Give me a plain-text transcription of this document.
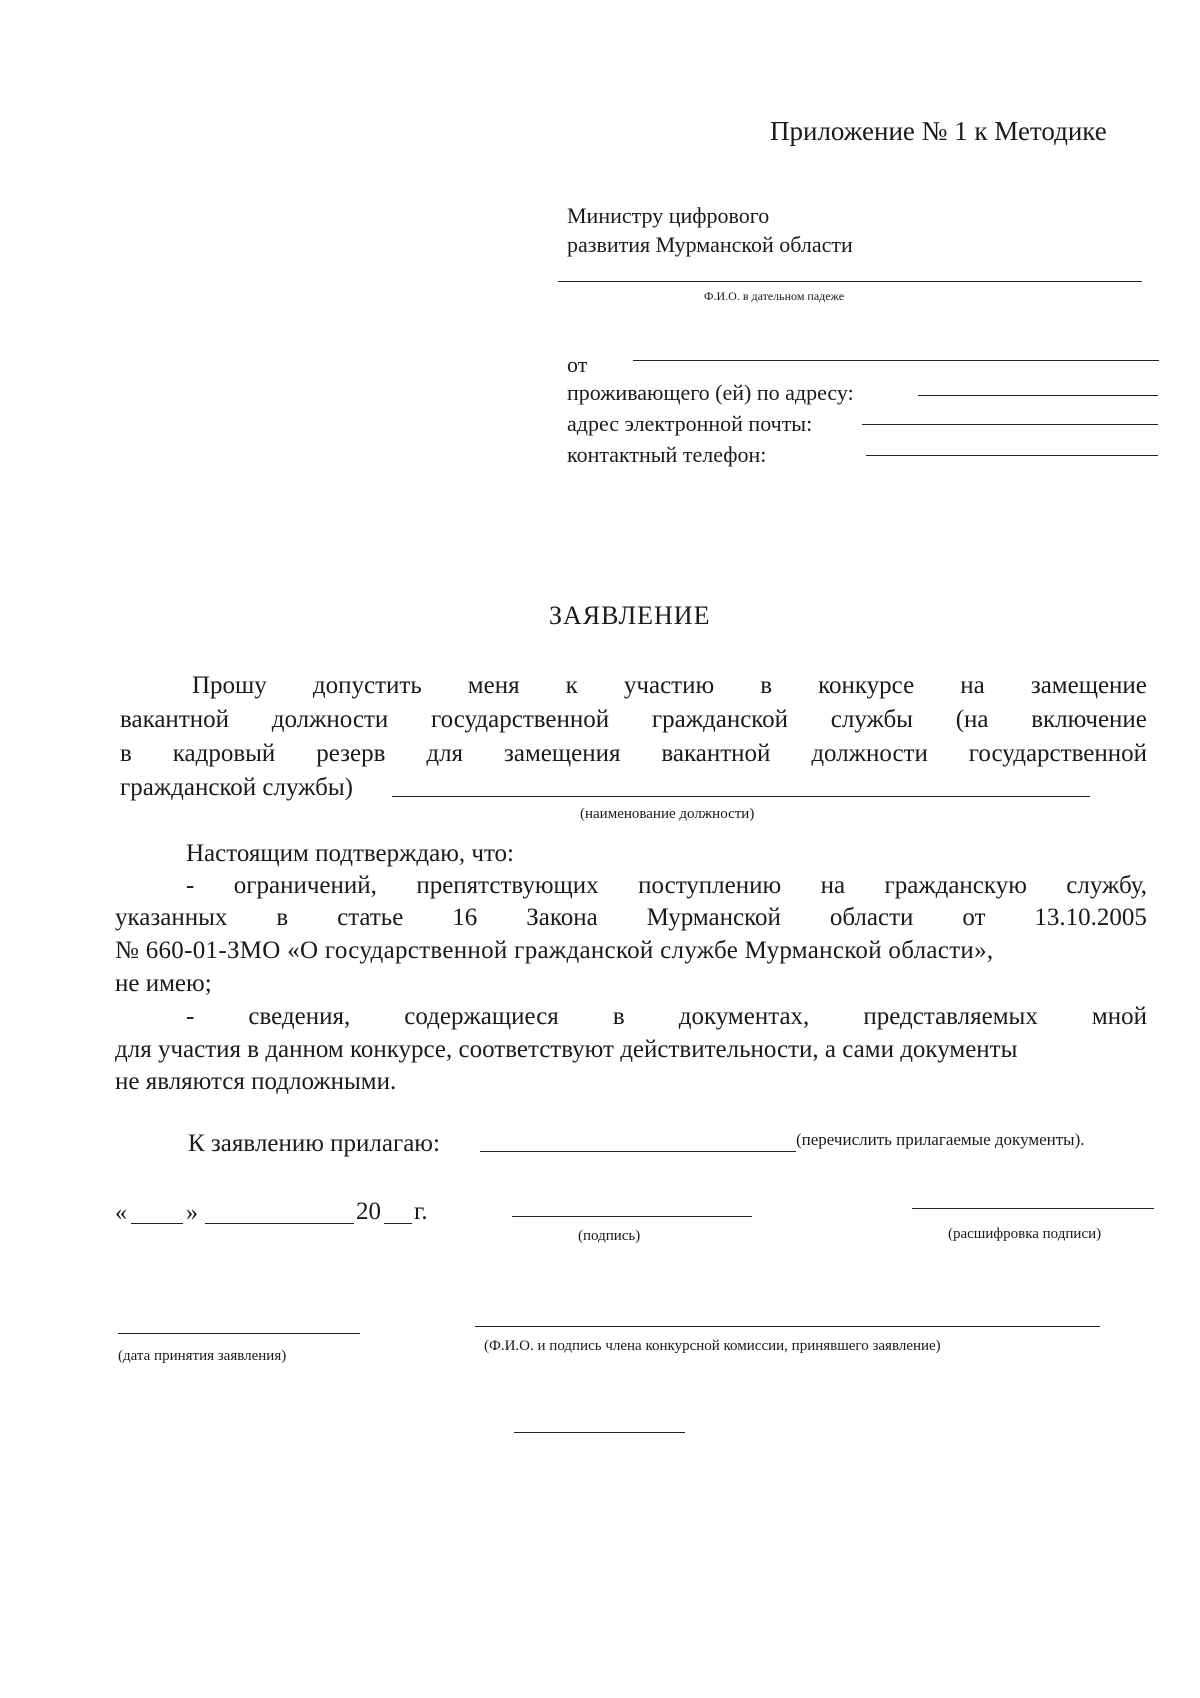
Приложение № 1 к Методике
Министру цифрового
развития Мурманской области
Ф.И.О. в дательном падеже
от
проживающего (ей) по адресу:
адрес электронной почты:
контактный телефон:
ЗАЯВЛЕНИЕ
Прошу допустить меня к участию в конкурсе на замещение
вакантной должности государственной гражданской службы (на включение
в кадровый резерв для замещения вакантной должности государственной
гражданской службы)
(наименование должности)
Настоящим подтверждаю, что:
- ограничений, препятствующих поступлению на гражданскую службу,
указанных в статье 16 Закона Мурманской области от 13.10.2005
№ 660-01-ЗМО «О государственной гражданской службе Мурманской области»,
не имею;
- сведения, содержащиеся в документах, представляемых мной
для участия в данном конкурсе, соответствуют действительности, а сами документы
не являются подложными.
К заявлению прилагаю:	(перечислить прилагаемые документы).
« »	20 г.
(подпись)	(расшифровка подписи)
(дата принятия заявления)
(Ф.И.О. и подпись члена конкурсной комиссии, принявшего заявление)
